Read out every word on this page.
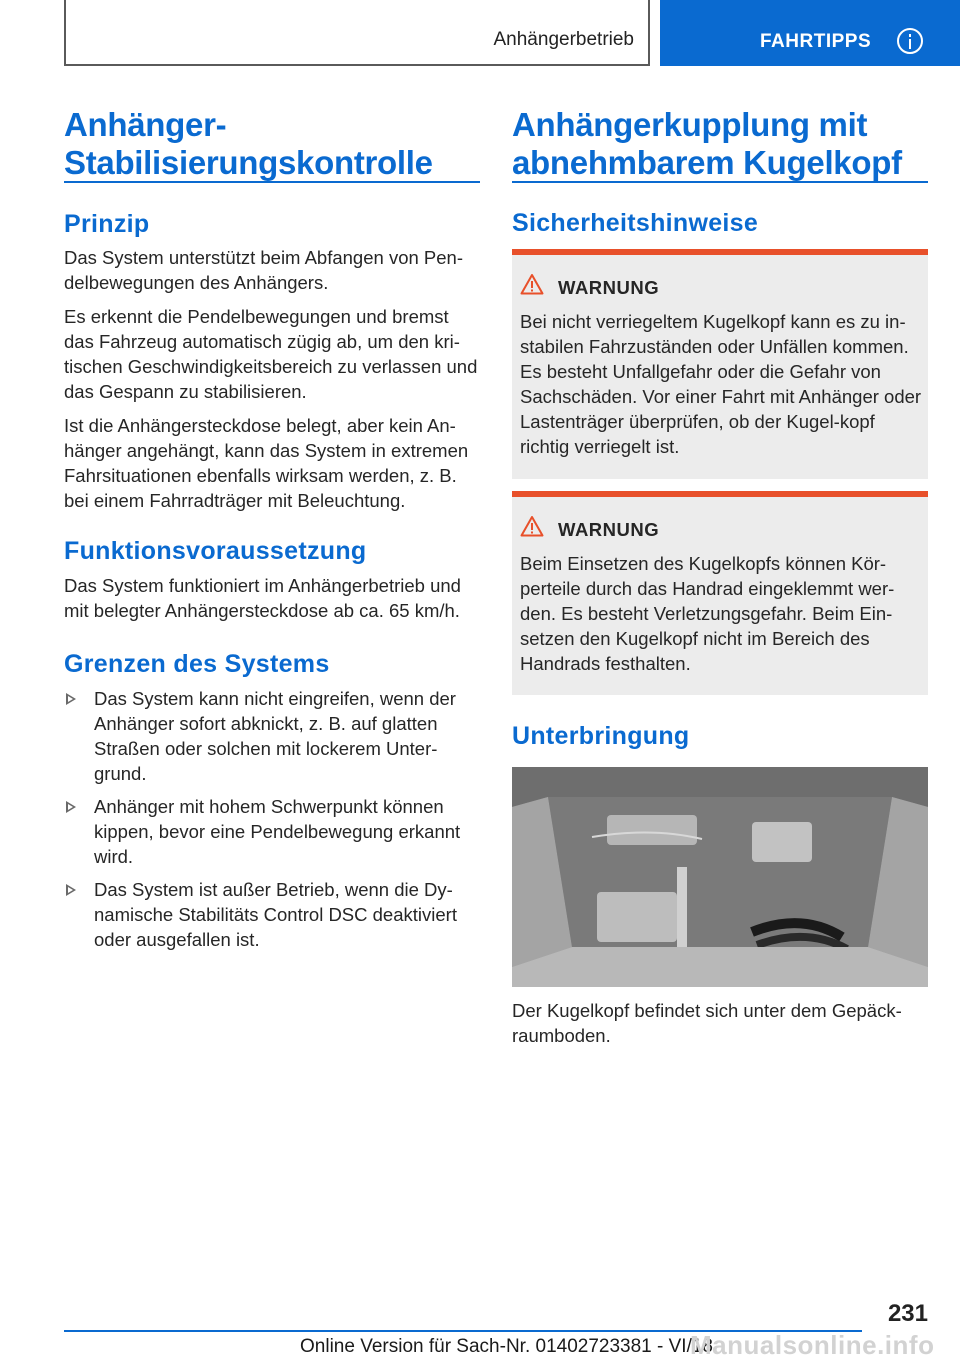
Anhängerbetrieb	FAHRTIPPS
Anhänger-
Stabilisierungskontrolle
Prinzip
Das System unterstützt beim Abfangen von Pen-delbewegungen des Anhängers.
Es erkennt die Pendelbewegungen und bremst das Fahrzeug automatisch zügig ab, um den kri-tischen Geschwindigkeitsbereich zu verlassen und das Gespann zu stabilisieren.
Ist die Anhängersteckdose belegt, aber kein An-hänger angehängt, kann das System in extremen Fahrsituationen ebenfalls wirksam werden, z. B. bei einem Fahrradträger mit Beleuchtung.
Funktionsvoraussetzung
Das System funktioniert im Anhängerbetrieb und mit belegter Anhängersteckdose ab ca. 65 km/h.
Grenzen des Systems
Das System kann nicht eingreifen, wenn der Anhänger sofort abknickt, z. B. auf glatten Straßen oder solchen mit lockerem Unter-grund.
Anhänger mit hohem Schwerpunkt können kippen, bevor eine Pendelbewegung erkannt wird.
Das System ist außer Betrieb, wenn die Dy-namische Stabilitäts Control DSC deaktiviert oder ausgefallen ist.
Anhängerkupplung mit
abnehmbarem Kugelkopf
Sicherheitshinweise
WARNUNG
Bei nicht verriegeltem Kugelkopf kann es zu in-stabilen Fahrzuständen oder Unfällen kommen. Es besteht Unfallgefahr oder die Gefahr von Sachschäden. Vor einer Fahrt mit Anhänger oder Lastenträger überprüfen, ob der Kugel-kopf richtig verriegelt ist.
WARNUNG
Beim Einsetzen des Kugelkopfs können Kör-perteile durch das Handrad eingeklemmt wer-den. Es besteht Verletzungsgefahr. Beim Ein-setzen den Kugelkopf nicht im Bereich des Handrads festhalten.
Unterbringung
Der Kugelkopf befindet sich unter dem Gepäck-raumboden.
231
Online Version für Sach-Nr. 01402723381 - VI/18
Manualsonline.info
